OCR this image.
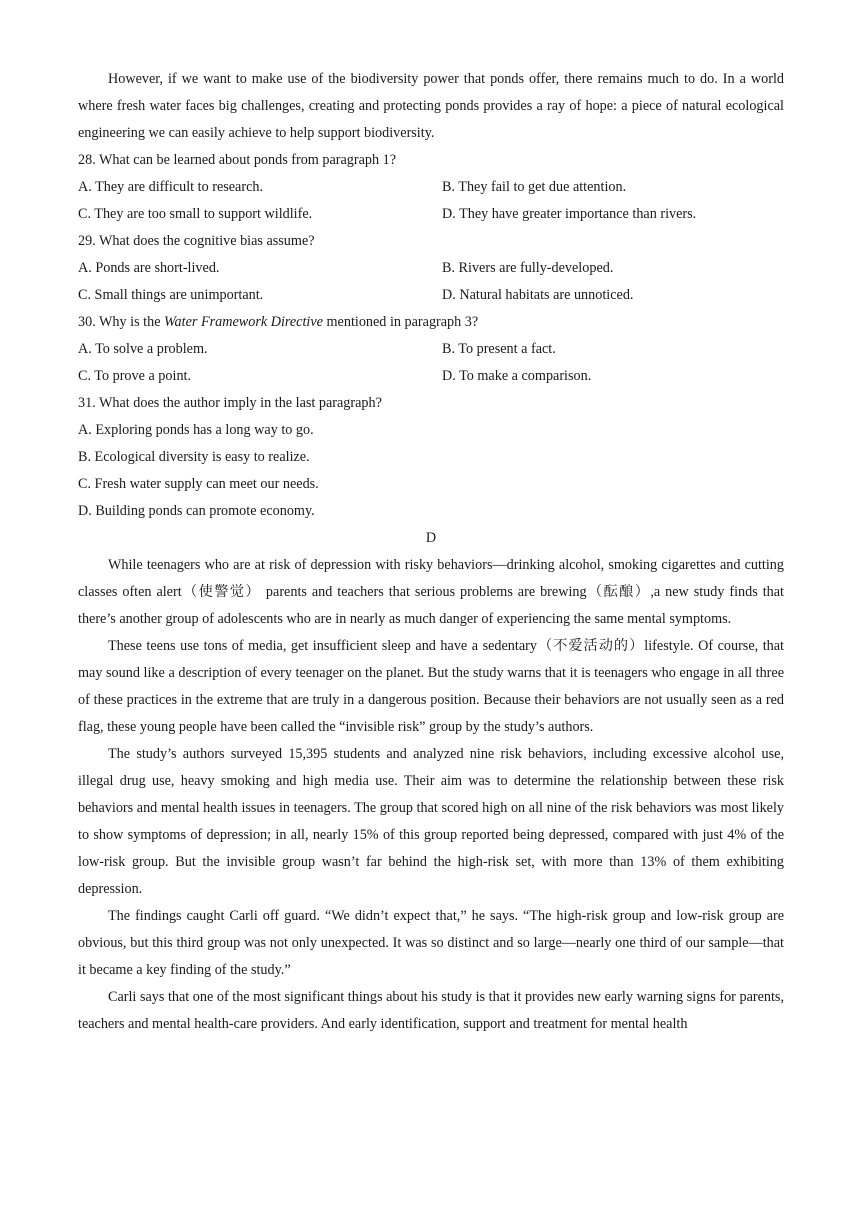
However, if we want to make use of the biodiversity power that ponds offer, there remains much to do. In a world where fresh water faces big challenges, creating and protecting ponds provides a ray of hope: a piece of natural ecological engineering we can easily achieve to help support biodiversity.

28. What can be learned about ponds from paragraph 1?

A. They are difficult to research.	B. They fail to get due attention.
C. They are too small to support wildlife.	D. They have greater importance than rivers.

29. What does the cognitive bias assume?

A. Ponds are short-lived.	B. Rivers are fully-developed.
C. Small things are unimportant.	D. Natural habitats are unnoticed.

30. Why is the Water Framework Directive mentioned in paragraph 3?

A. To solve a problem.	B. To present a fact.
C. To prove a point.	D. To make a comparison.

31. What does the author imply in the last paragraph?

A. Exploring ponds has a long way to go.

B. Ecological diversity is easy to realize.

C. Fresh water supply can meet our needs.

D. Building ponds can promote economy.

D

While teenagers who are at risk of depression with risky behaviors—drinking alcohol, smoking cigarettes and cutting classes often alert（使警觉） parents and teachers that serious problems are brewing（酝酿）,a new study finds that there’s another group of adolescents who are in nearly as much danger of experiencing the same mental symptoms.

These teens use tons of media, get insufficient sleep and have a sedentary（不爱活动的）lifestyle. Of course, that may sound like a description of every teenager on the planet. But the study warns that it is teenagers who engage in all three of these practices in the extreme that are truly in a dangerous position. Because their behaviors are not usually seen as a red flag, these young people have been called the “invisible risk” group by the study’s authors.

The study’s authors surveyed 15,395 students and analyzed nine risk behaviors, including excessive alcohol use, illegal drug use, heavy smoking and high media use. Their aim was to determine the relationship between these risk behaviors and mental health issues in teenagers. The group that scored high on all nine of the risk behaviors was most likely to show symptoms of depression; in all, nearly 15% of this group reported being depressed, compared with just 4% of the low-risk group. But the invisible group wasn’t far behind the high-risk set, with more than 13% of them exhibiting depression.

The findings caught Carli off guard. “We didn’t expect that,” he says. “The high-risk group and low-risk group are obvious, but this third group was not only unexpected. It was so distinct and so large—nearly one third of our sample—that it became a key finding of the study.”

Carli says that one of the most significant things about his study is that it provides new early warning signs for parents, teachers and mental health-care providers. And early identification, support and treatment for mental health
